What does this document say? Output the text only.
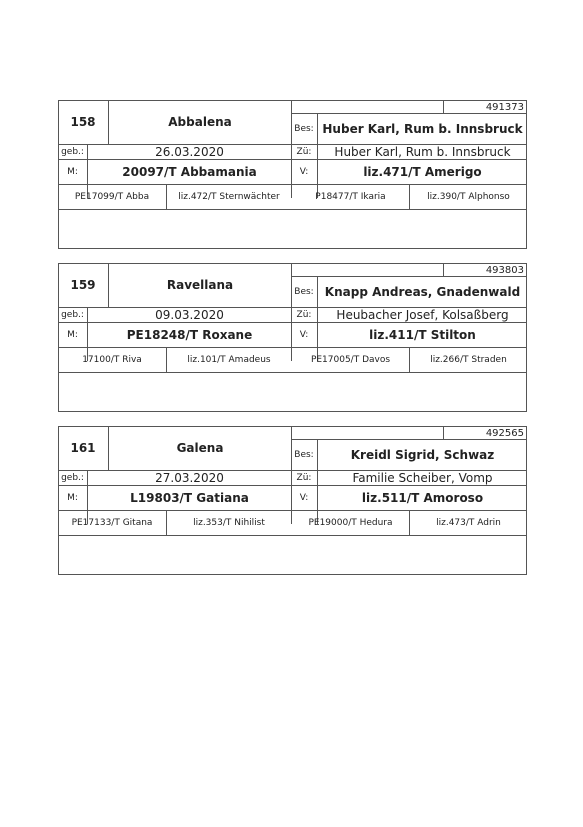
158	Abbalena
491373
Bes: Huber Karl, Rum b. Innsbruck
geb.:	26.03.2020	Zü:	Huber Karl, Rum b. Innsbruck
M:	20097/T Abbamania	V:	liz.471/T Amerigo
PE17099/T Abba	liz.472/T Sternwächter	P18477/T Ikaria	liz.390/T Alphonso
159	Ravellana
493803
Bes: Knapp Andreas, Gnadenwald
geb.:	09.03.2020	Zü:	Heubacher Josef, Kolsaßberg
M:	PE18248/T Roxane	V:	liz.411/T Stilton
17100/T Riva	liz.101/T Amadeus	PE17005/T Davos	liz.266/T Straden
161	Galena
492565
Bes:	Kreidl Sigrid, Schwaz
geb.:	27.03.2020	Zü:	Familie Scheiber, Vomp
M:	L19803/T Gatiana	V:	liz.511/T Amoroso
PE17133/T Gitana	liz.353/T Nihilist	PE19000/T Hedura	liz.473/T Adrin
